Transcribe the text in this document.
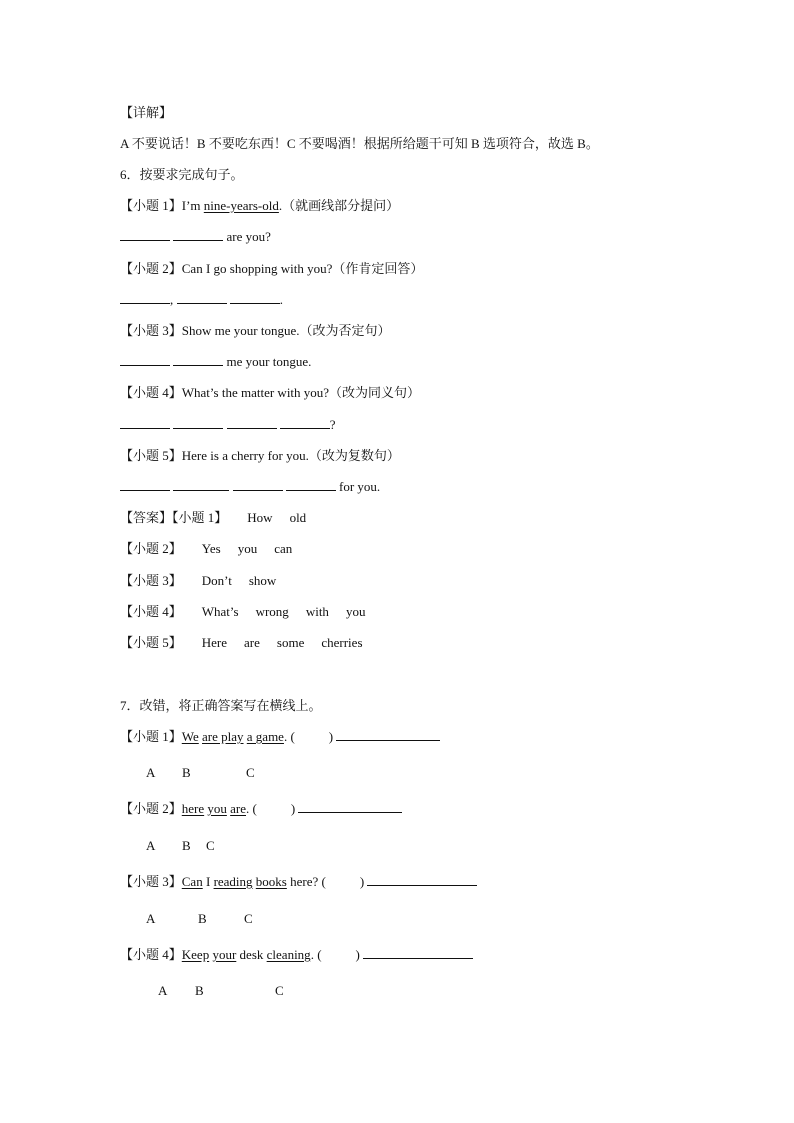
【详解】
A 不要说话！B 不要吃东西！C 不要喝酒！根据所给题干可知 B 选项符合，故选 B。
6．按要求完成句子。
【小题 1】I’m nine-years-old.（就画线部分提问）
are you?
【小题 2】Can I go shopping with you?（作肯定回答）
,	.
【小题 3】Show me your tongue.（改为否定句）
me your tongue.
【小题 4】What’s the matter with you?（改为同义句）
?
【小题 5】Here is a cherry for you.（改为复数句）
for you.
【答案】【小题 1】 How old
【小题 2】 Yes you can
【小题 3】 Don’t show
【小题 4】 What’s wrong with you
【小题 5】 Here are some cherries
7．改错，将正确答案写在横线上。
【小题 1】We are play a game. (	)
A B	C
【小题 2】here you are. (	)
A B C
【小题 3】Can I reading books here? (	)
A	B	C
【小题 4】Keep your desk cleaning. (	)
A B	C
